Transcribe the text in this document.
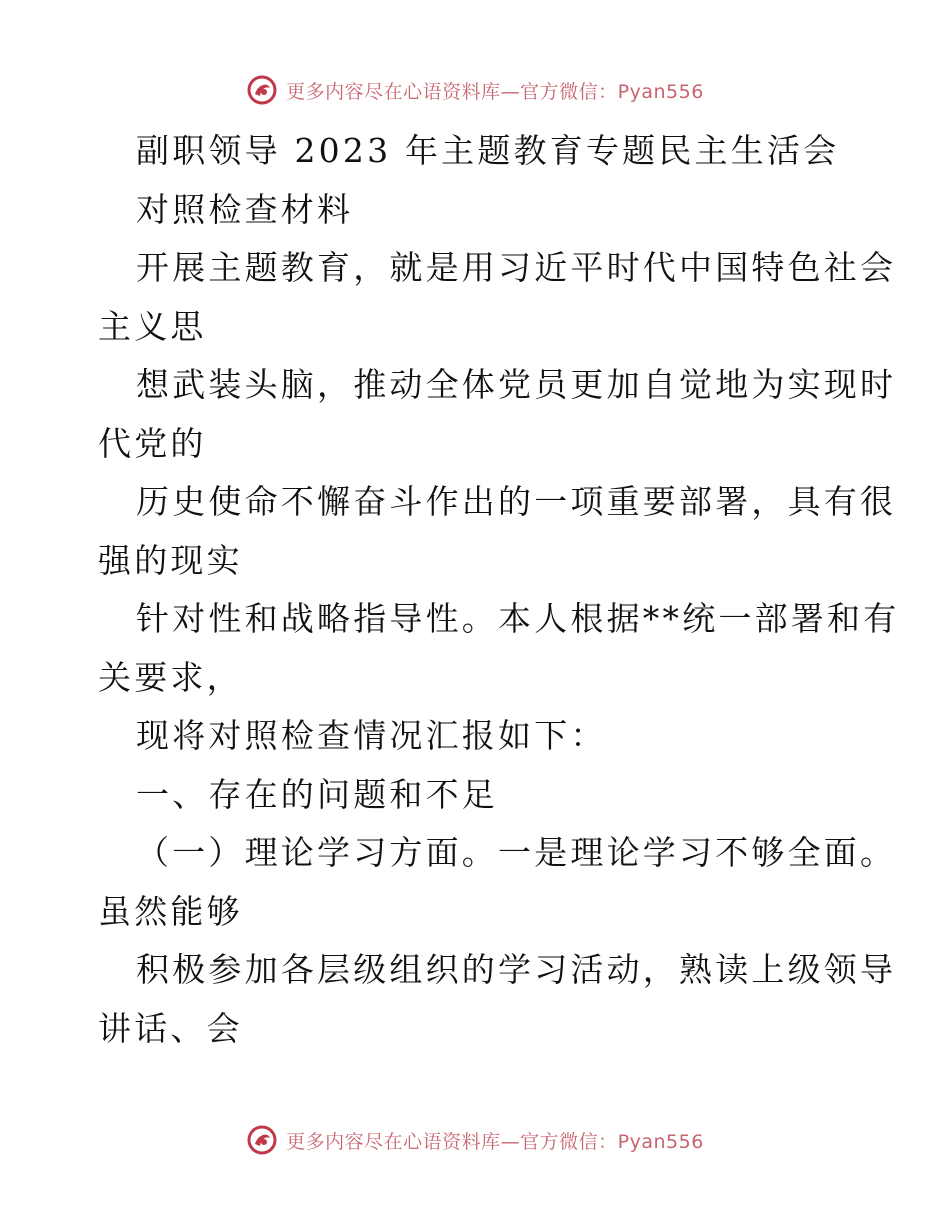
更多内容尽在心语资料库—官方微信：Pyan556
副职领导 2023 年主题教育专题民主生活会
对照检查材料
开展主题教育，就是用习近平时代中国特色社会
主义思
想武装头脑，推动全体党员更加自觉地为实现时
代党的
历史使命不懈奋斗作出的一项重要部署，具有很
强的现实
针对性和战略指导性。本人根据**统一部署和有
关要求，
现将对照检查情况汇报如下：
一、存在的问题和不足
（一）理论学习方面。一是理论学习不够全面。
虽然能够
积极参加各层级组织的学习活动，熟读上级领导
讲话、会
更多内容尽在心语资料库—官方微信：Pyan556
